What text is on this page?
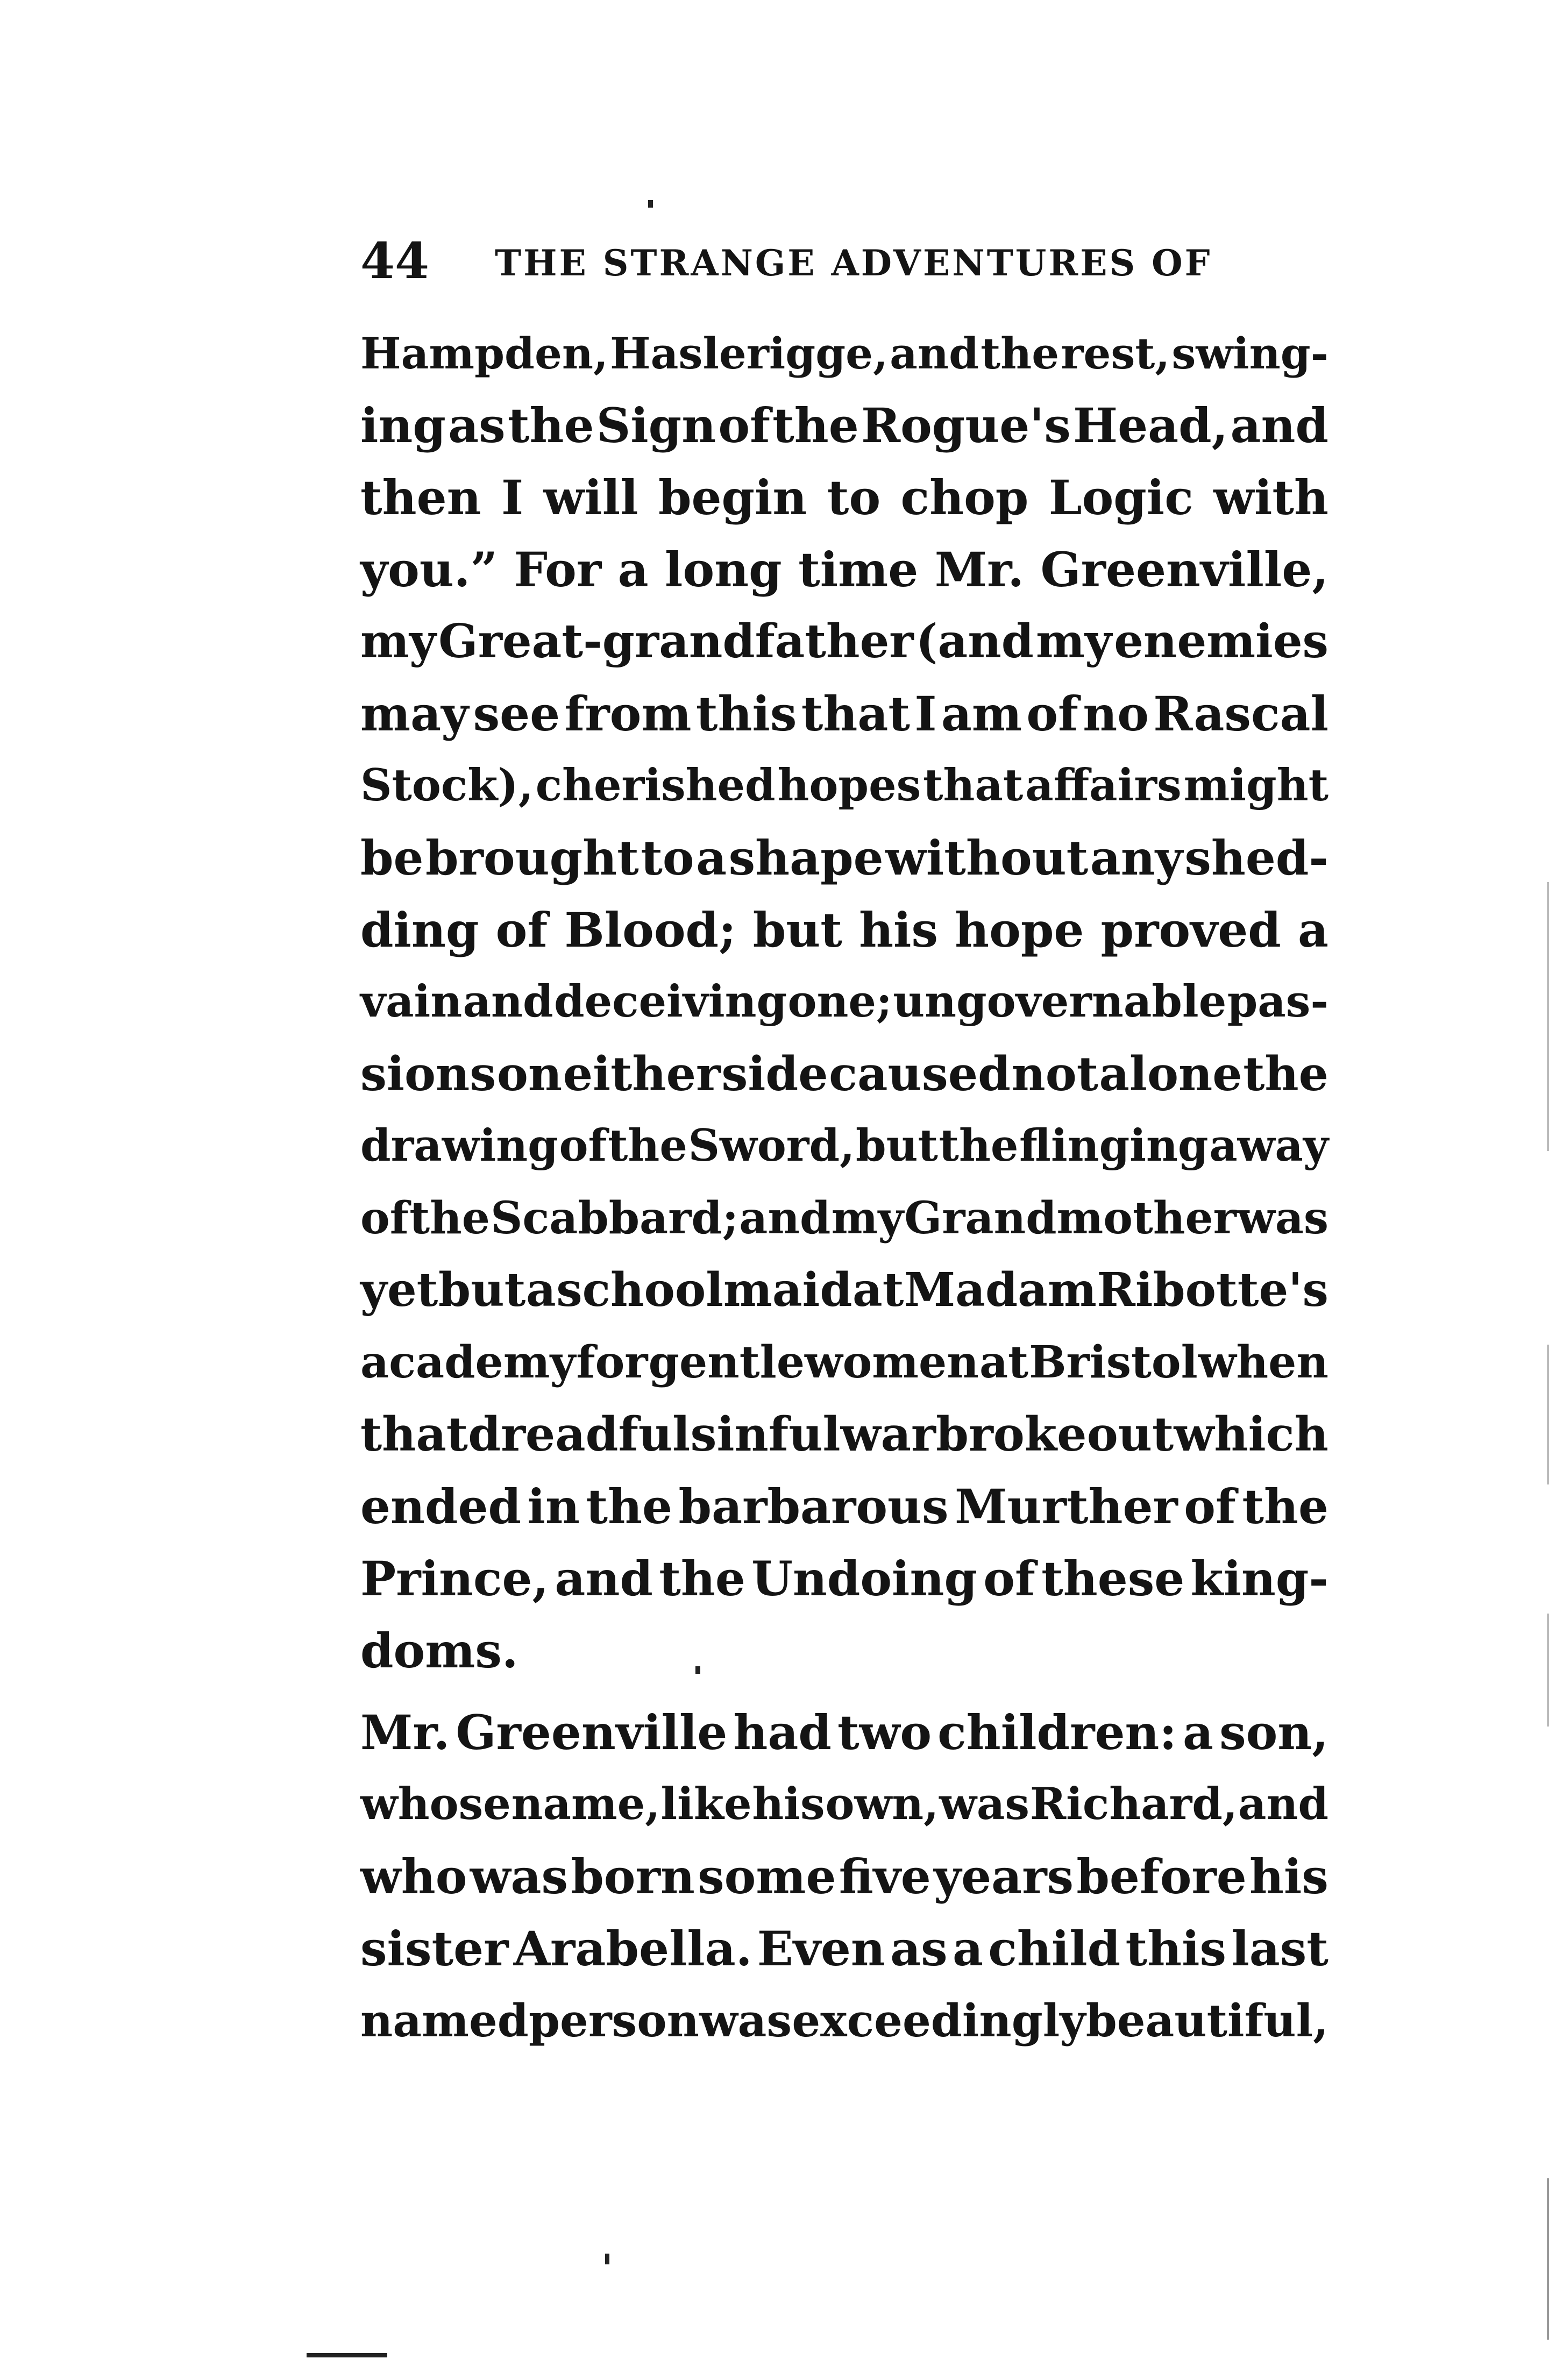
44 THE STRANGE ADVENTURES OF
Hampden, Haslerigge, and the rest, swing-
ing as the Sign of the Rogue's Head, and
then I will begin to chop Logic with
you.” For a long time Mr. Greenville,
my Great-grandfather (and my enemies
may see from this that I am of no Rascal
Stock), cherished hopes that affairs might
be brought to a shape without any shed-
ding of Blood; but his hope proved a
vain and deceiving one; ungovernable pas-
sions on either side caused not alone the
drawing of the Sword, but the flinging away
of the Scabbard; and my Grandmother was
yet but a schoolmaid at Madam Ribotte's
academy for gentlewomen at Bristol when
that dreadful sinful war broke out which
ended in the barbarous Murther of the
Prince, and the Undoing of these king-
doms.
Mr. Greenville had two children: a son,
whose name, like his own, was Richard, and
who was born some five years before his
sister Arabella. Even as a child this last
named person was exceedingly beautiful,
